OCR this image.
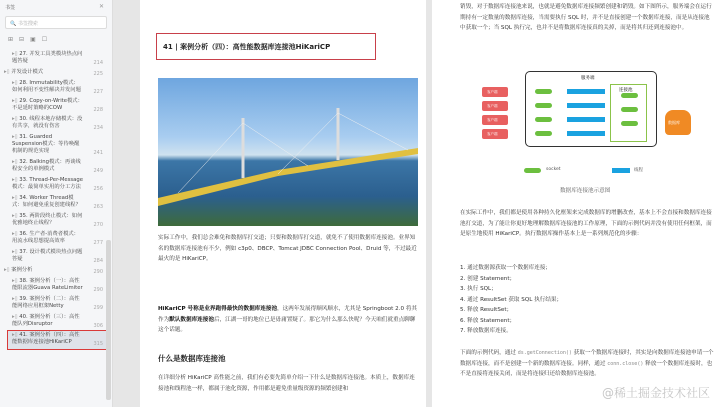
书签	✕
🔍 书签搜索
⊞ ⊟ ▣ ☐
▸▯ 27. 并发工具类模块热点问题答疑	214
▸▯ 并发设计模式	225
▸▯ 28. Immutability模式：如何利用不变性解决并发问题	227
▸▯ 29. Copy-on-Write模式：不是延时策略的COW	228
▸▯ 30. 线程本地存储模式：没有共享，就没有伤害	234
▸▯ 31. Guarded Suspension模式：等待唤醒机制的规范实现	241
▸▯ 32. Balking模式：再谈线程安全的单例模式	249
▸▯ 33. Thread-Per-Message模式：最简单实用的分工方法	256
▸▯ 34. Worker Thread模式：如何避免重复创建线程？	263
▸▯ 35. 两阶段终止模式：如何优雅地终止线程？	270
▸▯ 36. 生产者-消费者模式：用流水线思想提高效率	277
▸▯ 37. 设计模式模块热点问题答疑	284
▸▯ 案例分析	290
▸▯ 38. 案例分析（一）：高性能限流器Guava RateLimiter 290
▸▯ 39. 案例分析（二）：高性能网络应用框架Netty	299
▸▯ 40. 案例分析（三）：高性能队列Disruptor	306
▸▯ 41. 案例分析（四）：高性能数据库连接池HiKariCP	315
41 | 案例分析（四）：高性能数据库连接池HiKariCP
实际工作中，我们总会难免和数据库打交道；只要和数据库打交道，就免不了使用数据库连接池。业界知名的数据库连接池有不少，例如 c3p0、DBCP、Tomcat JDBC Connection Pool、Druid 等，不过最近最火的是 HiKariCP。
HiKariCP 号称是业界跑得最快的数据库连接池，这两年发展得顺风顺水，尤其是 Springboot 2.0 将其作为默认数据库连接池后，江湖一哥的地位已是毋庸置疑了。那它为什么那么快呢？今天咱们就重点聊聊这个话题。
什么是数据库连接池
在详细分析 HiKariCP 高性能之前，我们有必要先简单介绍一下什么是数据库连接池。本质上，数据库连接池和线程池一样，都属于池化资源，作用都是避免重量级资源的频繁创建和
销毁，对于数据库连接池来说，也就是避免数据库连接频繁创建和销毁。如下图所示，服务端会在运行期持有一定数量的数据库连接，当需要执行 SQL 时，并不是直接创建一个数据库连接，而是从连接池中获取一个；当 SQL 执行完，也并不是将数据库连接真的关掉，而是将其归还到连接池中。
服务端
连接池
客户端
客户端
客户端
客户端
数据库
socket	线程
数据库连接池示意图
在实际工作中，我们都是使用各种持久化框架来完成数据库的增删改查，基本上不会直接和数据库连接池打交道，为了能让你更好地理解数据库连接池的工作原理，下面的示例代码并没有使用任何框架，而是原生地使用 HiKariCP。执行数据库操作基本上是一系列规范化的步骤：
1. 通过数据源获取一个数据库连接；
2. 创建 Statement；
3. 执行 SQL；
4. 通过 ResultSet 获取 SQL 执行结果；
5. 释放 ResultSet；
6. 释放 Statement；
7. 释放数据库连接。
下面的示例代码，通过 ds.getConnection() 获取一个数据库连接时，其实是向数据库连接池申请一个数据库连接，而不是创建一个新的数据库连接。同样，通过 conn.close() 释放一个数据库连接时，也不是直接将连接关闭，而是将连接归还给数据库连接池。
@稀土掘金技术社区
